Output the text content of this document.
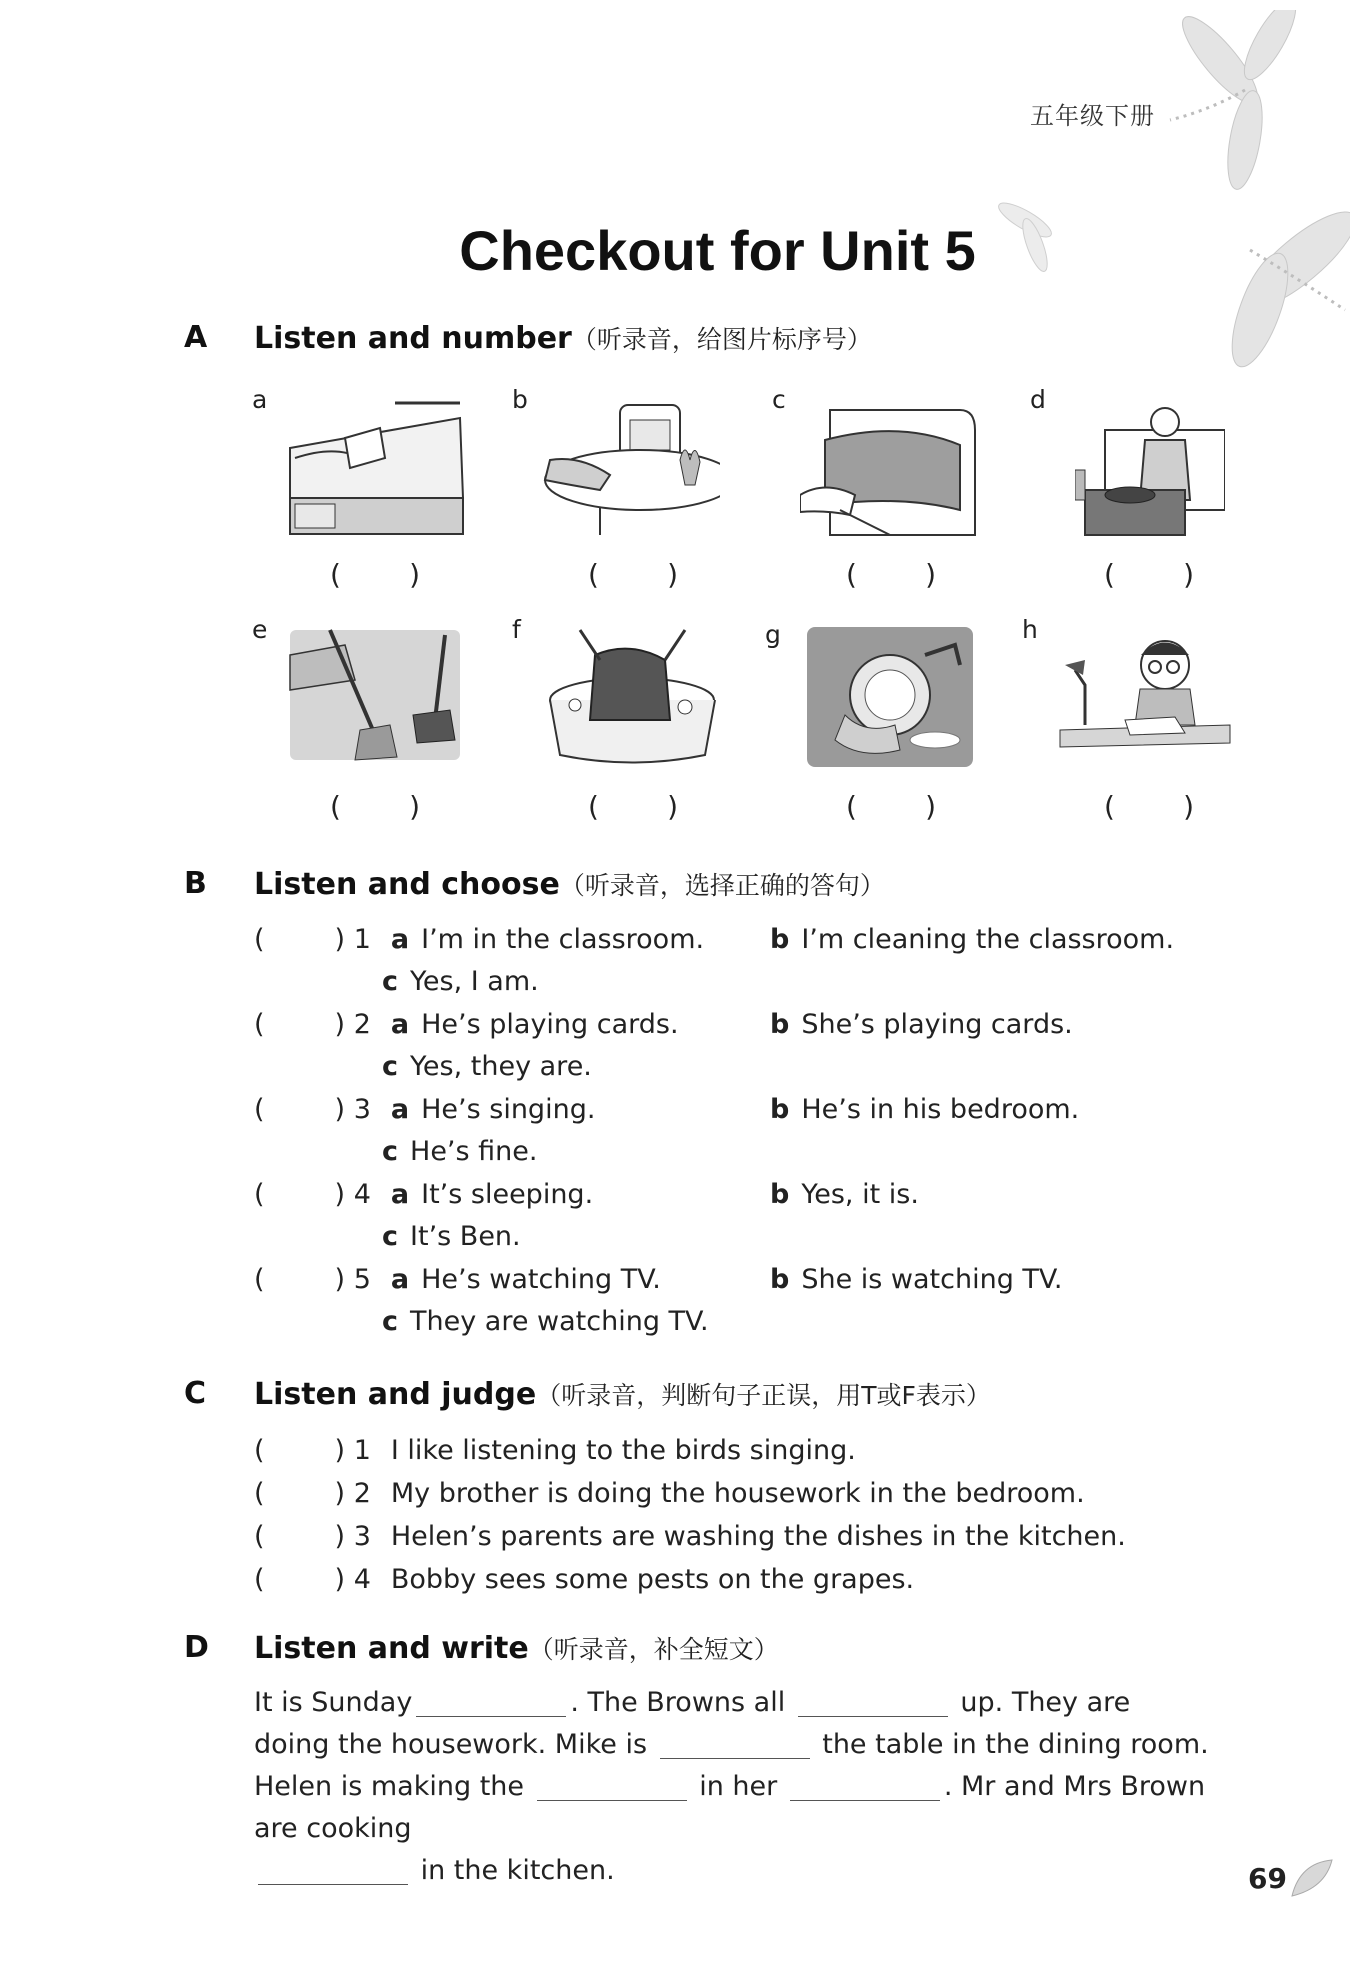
五年级下册
Checkout for Unit 5
A Listen and number（听录音，给图片标序号）
a	b	c	d
( )	( )	( )	( )
e	f	g	h
( )	( )	( )	( )
B Listen and choose（听录音，选择正确的答句）
(	) 1 a I’m in the classroom. b I’m cleaning the classroom.
c Yes, I am.
(	) 2 a He’s playing cards.	b She’s playing cards.
c Yes, they are.
(	) 3 a He’s singing.	b He’s in his bedroom.
c He’s fine.
(	) 4 a It’s sleeping.	b Yes, it is.
c It’s Ben.
(	) 5 a He’s watching TV.	b She is watching TV.
c They are watching TV.
C Listen and judge（听录音，判断句子正误，用T或F表示）
(	) 1 I like listening to the birds singing.
(	) 2 My brother is doing the housework in the bedroom.
(	) 3 Helen’s parents are washing the dishes in the kitchen.
(	) 4 Bobby sees some pests on the grapes.
D Listen and write（听录音，补全短文）
It is Sunday	. The Browns all	up. They are doing the housework. Mike is	the table in the dining room. Helen is making the	in her	. Mr and Mrs Brown are cooking
in the kitchen.	69
